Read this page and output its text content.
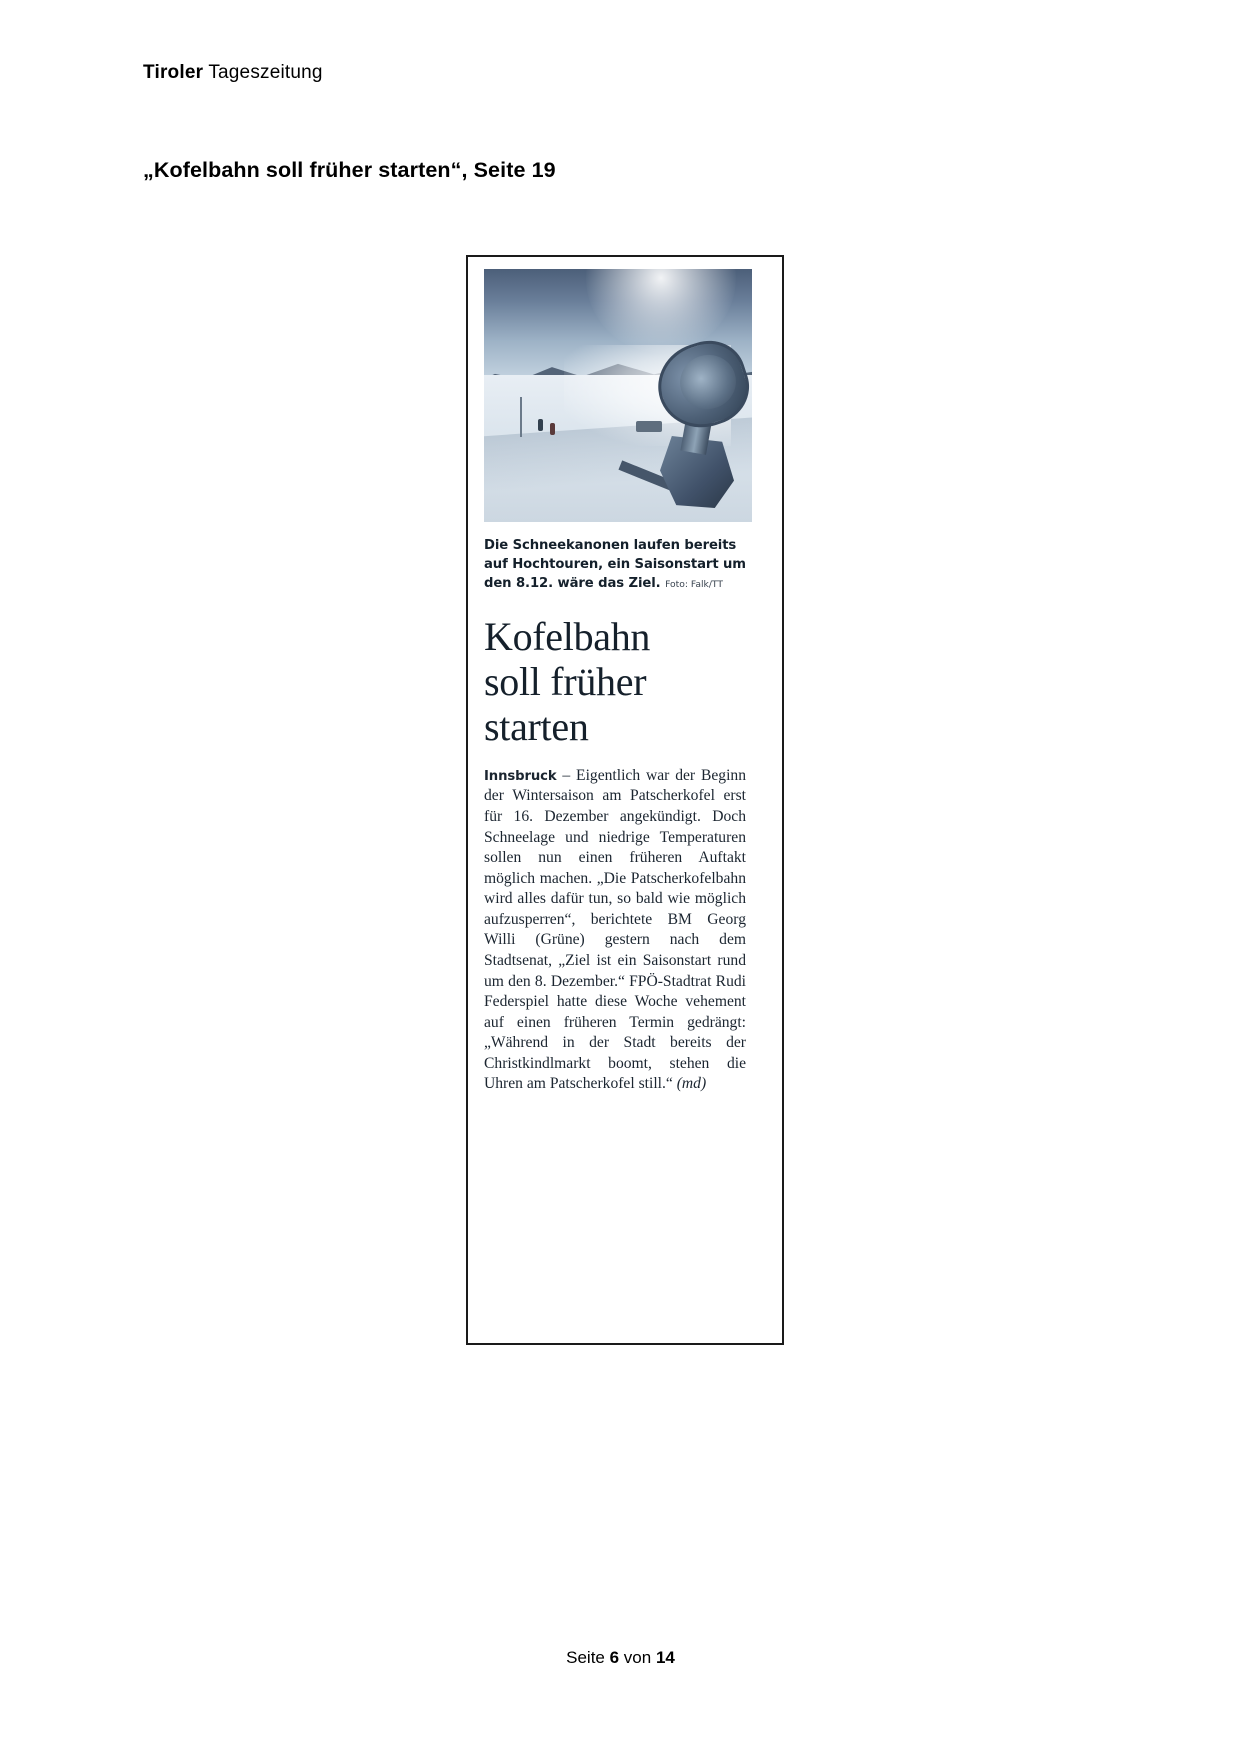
Tiroler Tageszeitung
„Kofelbahn soll früher starten“, Seite 19
Die Schneekanonen laufen bereits auf Hochtouren, ein Saisonstart um den 8.12. wäre das Ziel. Foto: Falk/TT
Kofelbahn
soll früher
starten
Innsbruck – Eigentlich war der Beginn der Wintersaison am Patscherkofel erst für 16. Dezember angekündigt. Doch Schneelage und niedrige Temperaturen sollen nun einen früheren Auftakt möglich machen. „Die Patscherkofelbahn wird alles dafür tun, so bald wie möglich aufzusperren“, berichtete BM Georg Willi (Grüne) gestern nach dem Stadtsenat, „Ziel ist ein Saisonstart rund um den 8. Dezember.“ FPÖ-Stadtrat Rudi Federspiel hatte diese Woche vehement auf einen früheren Termin gedrängt: „Während in der Stadt bereits der Christkindlmarkt boomt, stehen die Uhren am Patscherkofel still.“ (md)
Seite 6 von 14
